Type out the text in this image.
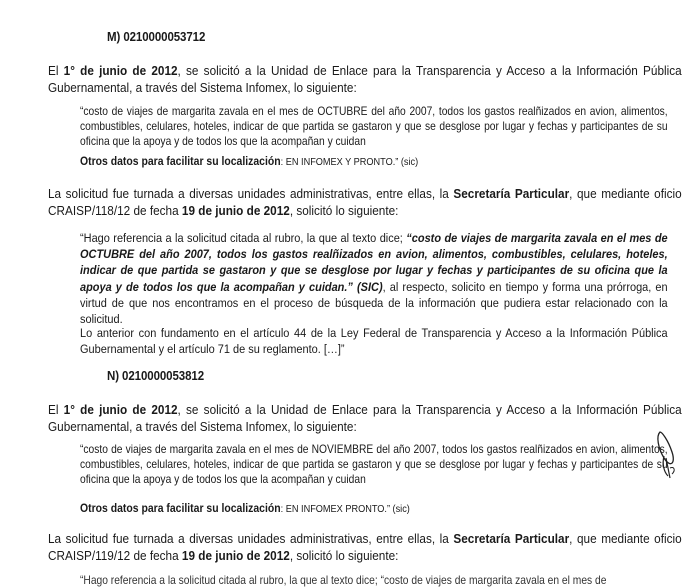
M) 0210000053712
El 1° de junio de 2012, se solicitó a la Unidad de Enlace para la Transparencia y Acceso a la Información Pública Gubernamental, a través del Sistema Infomex, lo siguiente:
“costo de viajes de margarita zavala en el mes de OCTUBRE del año 2007, todos los gastos realñizados en avion, alimentos, combustibles, celulares, hoteles, indicar de que partida se gastaron y que se desglose por lugar y fechas y participantes de su oficina que la apoya y de todos los que la acompañan y cuidan
Otros datos para facilitar su localización: EN INFOMEX Y PRONTO.” (sic)
La solicitud fue turnada a diversas unidades administrativas, entre ellas, la Secretaría Particular, que mediante oficio CRAISP/118/12 de fecha 19 de junio de 2012, solicitó lo siguiente:
“Hago referencia a la solicitud citada al rubro, la que al texto dice; “costo de viajes de margarita zavala en el mes de OCTUBRE del año 2007, todos los gastos realñizados en avion, alimentos, combustibles, celulares, hoteles, indicar de que partida se gastaron y que se desglose por lugar y fechas y participantes de su oficina que la apoya y de todos los que la acompañan y cuidan.” (SIC), al respecto, solicito en tiempo y forma una prórroga, en virtud de que nos encontramos en el proceso de búsqueda de la información que pudiera estar relacionado con la solicitud.
Lo anterior con fundamento en el artículo 44 de la Ley Federal de Transparencia y Acceso a la Información Pública Gubernamental y el artículo 71 de su reglamento. […]”
N) 0210000053812
El 1° de junio de 2012, se solicitó a la Unidad de Enlace para la Transparencia y Acceso a la Información Pública Gubernamental, a través del Sistema Infomex, lo siguiente:
“costo de viajes de margarita zavala en el mes de NOVIEMBRE del año 2007, todos los gastos realñizados en avion, alimentos, combustibles, celulares, hoteles, indicar de que partida se gastaron y que se desglose por lugar y fechas y participantes de su oficina que la apoya y de todos los que la acompañan y cuidan
Otros datos para facilitar su localización: EN INFOMEX PRONTO.” (sic)
La solicitud fue turnada a diversas unidades administrativas, entre ellas, la Secretaría Particular, que mediante oficio CRAISP/119/12 de fecha 19 de junio de 2012, solicitó lo siguiente:
“Hago referencia a la solicitud citada al rubro, la que al texto dice; “costo de viajes de margarita zavala en el mes de
